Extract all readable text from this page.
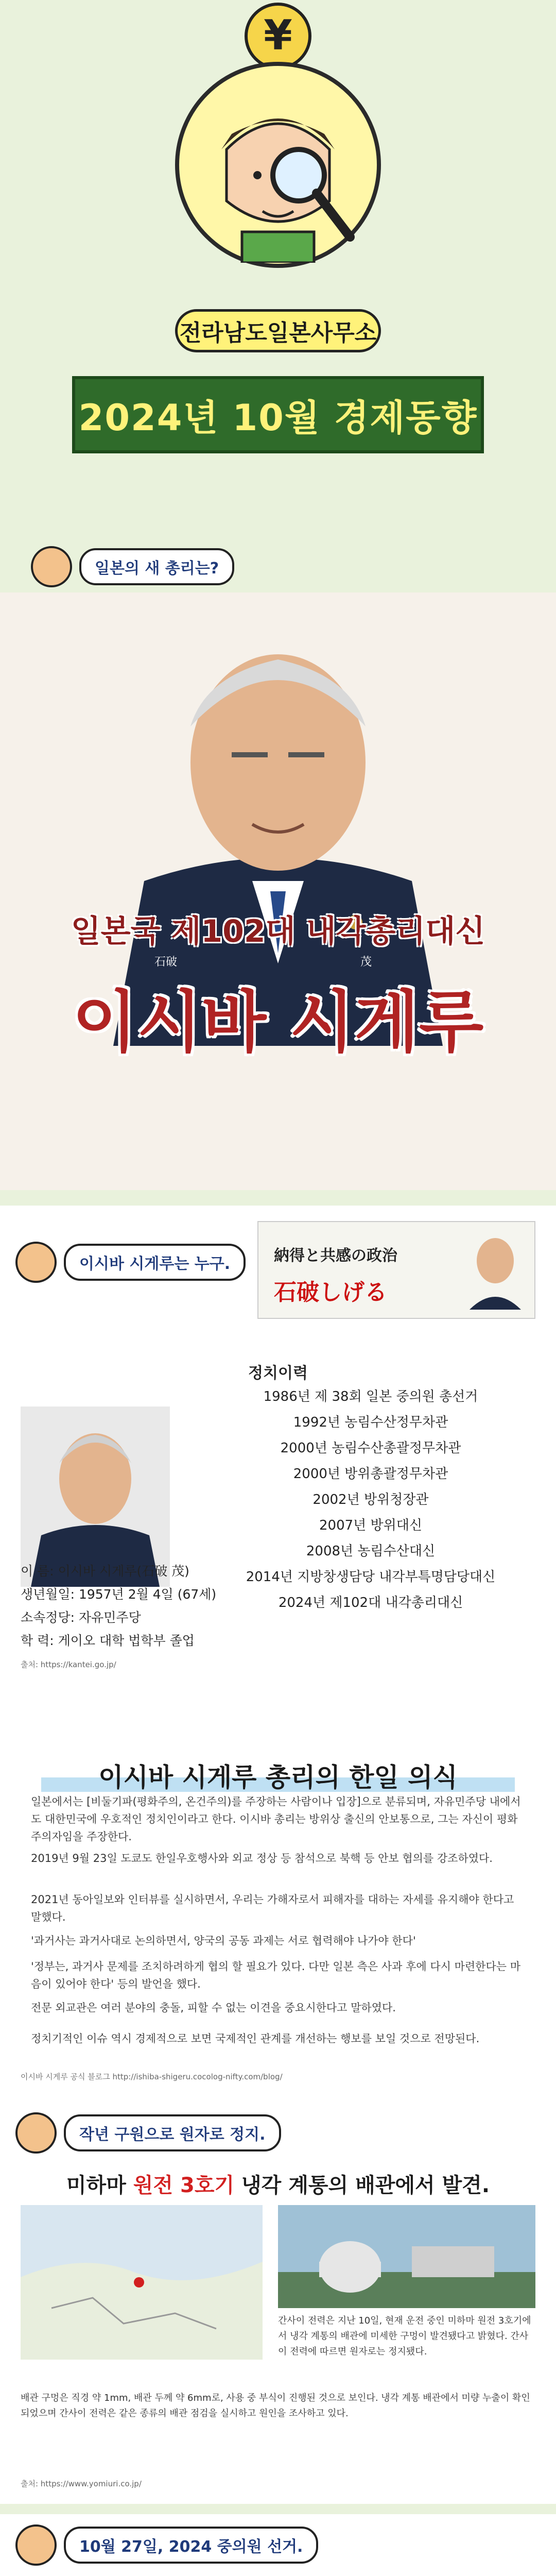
¥
전라남도일본사무소
2024년 10월 경제동향
일본의 새 총리는?
일본국 제102대 내각총리대신
石破	茂
이시바 시게루
이시바 시게루는 누구.	納得と共感の政治
石破しげる
정치이력
1986년 제 38회 일본 중의원 총선거
1992년 농림수산정무차관
2000년 농림수산총괄정무차관
2000년 방위총괄정무차관
2002년 방위청장관
2007년 방위대신
2008년 농림수산대신
2014년 지방창생담당 내각부특명담당대신
2024년 제102대 내각총리대신
이 름: 이시바 시게루(石破 茂)
생년월일: 1957년 2월 4일 (67세)
소속정당: 자유민주당
학 력: 게이오 대학 법학부 졸업
출처: https://kantei.go.jp/
이시바 시게루 총리의 한일 의식
일본에서는 [비둘기파(평화주의, 온건주의)를 주장하는 사람이나 입장]으로 분류되며, 자유민주당 내에서도 대한민국에 우호적인 정치인이라고 한다. 이시바 총리는 방위상 출신의 안보통으로, 그는 자신이 평화주의자임을 주장한다.
2019년 9월 23일 도쿄도 한일우호행사와 외교 정상 등 참석으로 북핵 등 안보 협의를 강조하였다.
2021년 동아일보와 인터뷰를 실시하면서, 우리는 가해자로서 피해자를 대하는 자세를 유지해야 한다고 말했다.
'과거사는 과거사대로 논의하면서, 양국의 공동 과제는 서로 협력해야 나가야 한다'
'정부는, 과거사 문제를 조치하려하게 협의 할 필요가 있다. 다만 일본 측은 사과 후에 다시 마련한다는 마음이 있어야 한다' 등의 발언을 했다.
전문 외교관은 여러 분야의 충돌, 피할 수 없는 이견을 중요시한다고 말하였다.
정치기적인 이슈 역시 경제적으로 보면 국제적인 관계를 개선하는 행보를 보일 것으로 전망된다.
이시바 시게루 공식 블로그 http://ishiba-shigeru.cocolog-nifty.com/blog/
작년 구원으로 원자로 정지.
미하마 원전 3호기 냉각 계통의 배관에서 발견.
간사이 전력은 지난 10일, 현재 운전 중인 미하마 원전 3호기에서 냉각 계통의 배관에 미세한 구멍이 발견됐다고 밝혔다. 간사이 전력에 따르면 원자로는 정지됐다.
배관 구멍은 직경 약 1mm, 배관 두께 약 6mm로, 사용 중 부식이 진행된 것으로 보인다. 냉각 계통 배관에서 미량 누출이 확인되었으며 간사이 전력은 같은 종류의 배관 점검을 실시하고 원인을 조사하고 있다.
출처: https://www.yomiuri.co.jp/
10월 27일, 2024 중의원 선거.
